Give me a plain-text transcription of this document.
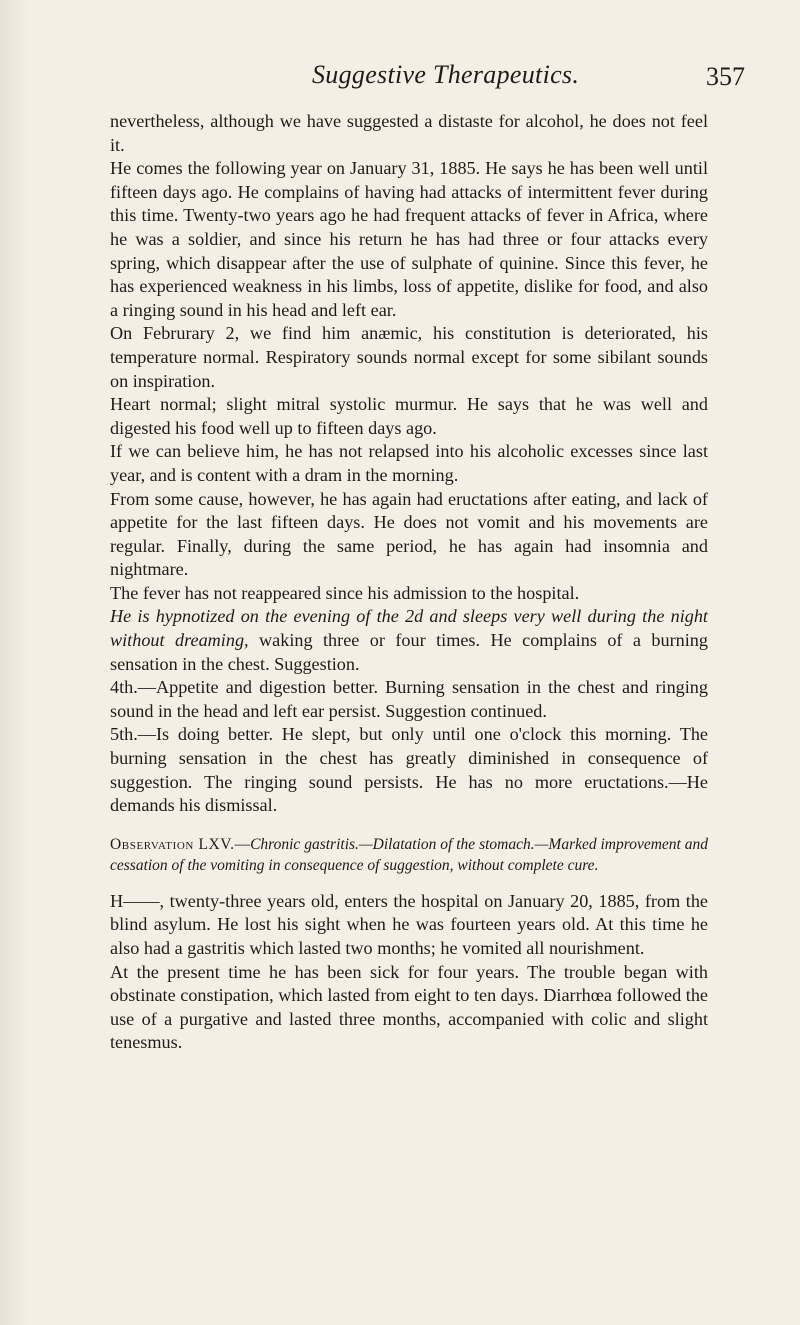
Suggestive Therapeutics.	357

nevertheless, although we have suggested a distaste for alcohol, he does not feel it.

He comes the following year on January 31, 1885. He says he has been well until fifteen days ago. He complains of having had attacks of intermittent fever during this time. Twenty-two years ago he had frequent attacks of fever in Africa, where he was a soldier, and since his return he has had three or four attacks every spring, which disappear after the use of sulphate of quinine. Since this fever, he has experienced weakness in his limbs, loss of appetite, dislike for food, and also a ringing sound in his head and left ear.

On Februrary 2, we find him anæmic, his constitution is deteriorated, his temperature normal. Respiratory sounds normal except for some sibilant sounds on inspiration.

Heart normal; slight mitral systolic murmur. He says that he was well and digested his food well up to fifteen days ago.

If we can believe him, he has not relapsed into his alcoholic excesses since last year, and is content with a dram in the morning.

From some cause, however, he has again had eructations after eating, and lack of appetite for the last fifteen days. He does not vomit and his movements are regular. Finally, during the same period, he has again had insomnia and nightmare.

The fever has not reappeared since his admission to the hospital.

He is hypnotized on the evening of the 2d and sleeps very well during the night without dreaming, waking three or four times. He complains of a burning sensation in the chest. Suggestion.

4th.—Appetite and digestion better. Burning sensation in the chest and ringing sound in the head and left ear persist. Suggestion continued.

5th.—Is doing better. He slept, but only until one o'clock this morning. The burning sensation in the chest has greatly diminished in consequence of suggestion. The ringing sound persists. He has no more eructations.—He demands his dismissal.

Observation LXV.—Chronic gastritis.—Dilatation of the stomach.—Marked improvement and cessation of the vomiting in consequence of suggestion, without complete cure.

H——, twenty-three years old, enters the hospital on January 20, 1885, from the blind asylum. He lost his sight when he was fourteen years old. At this time he also had a gastritis which lasted two months; he vomited all nourishment.

At the present time he has been sick for four years. The trouble began with obstinate constipation, which lasted from eight to ten days. Diarrhœa followed the use of a purgative and lasted three months, accompanied with colic and slight tenesmus.
